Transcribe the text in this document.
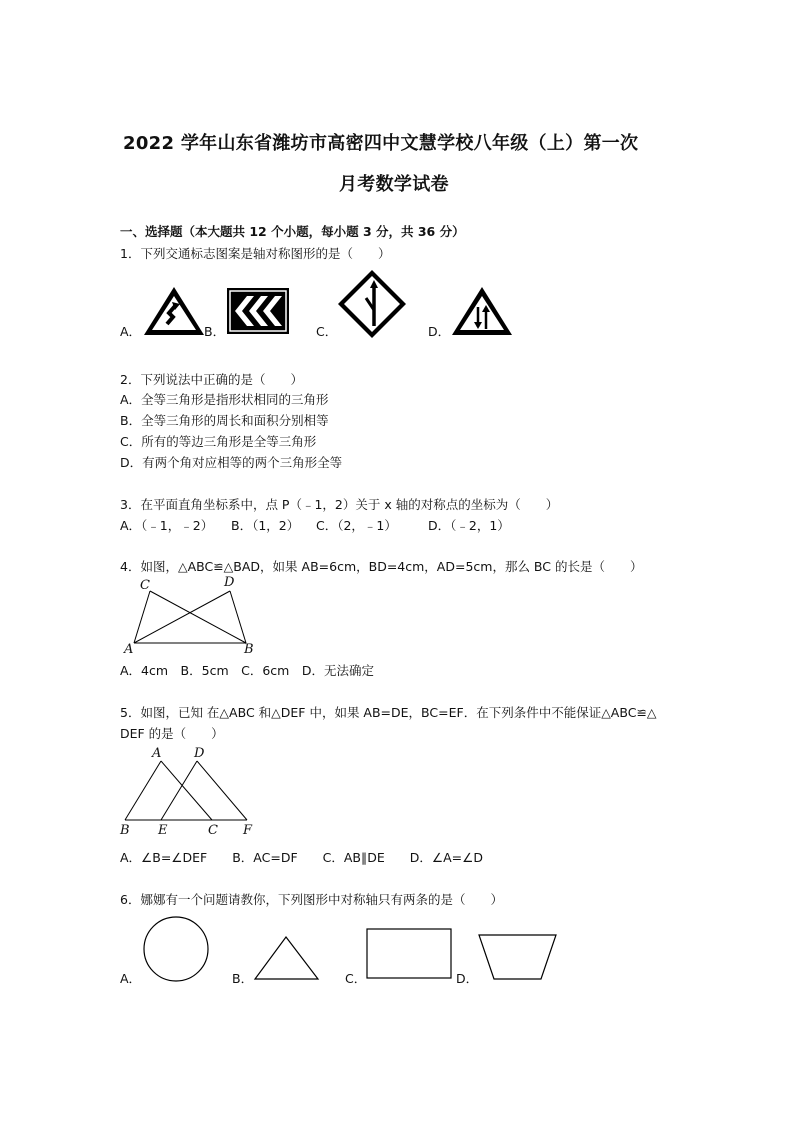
2022 学年山东省潍坊市高密四中文慧学校八年级（上）第一次
月考数学试卷
一、选择题（本大题共 12 个小题，每小题 3 分，共 36 分）
1．下列交通标志图案是轴对称图形的是（　　）
A．	B．	C．	D．
2．下列说法中正确的是（　　）
A．全等三角形是指形状相同的三角形
B．全等三角形的周长和面积分别相等
C．所有的等边三角形是全等三角形
D．有两个角对应相等的两个三角形全等
3．在平面直角坐标系中，点 P（﹣1，2）关于 x 轴的对称点的坐标为（　　）
A．（﹣1，﹣2） B．（1，2） C．（2，﹣1） D．（﹣2，1）
4．如图，△ABC≌△BAD，如果 AB=6cm，BD=4cm，AD=5cm，那么 BC 的长是（　　）
C	D
A	B
A．4cm　B．5cm　C．6cm　D．无法确定
5．如图，已知 在△ABC 和△DEF 中，如果 AB=DE，BC=EF．在下列条件中不能保证△ABC≌△
DEF 的是（　　）
A	D
B E	C F
A．∠B=∠DEF　　B．AC=DF　　C．AB∥DE　　D．∠A=∠D
6．娜娜有一个问题请教你，下列图形中对称轴只有两条的是（　　）
A．	B．	C．	D．
